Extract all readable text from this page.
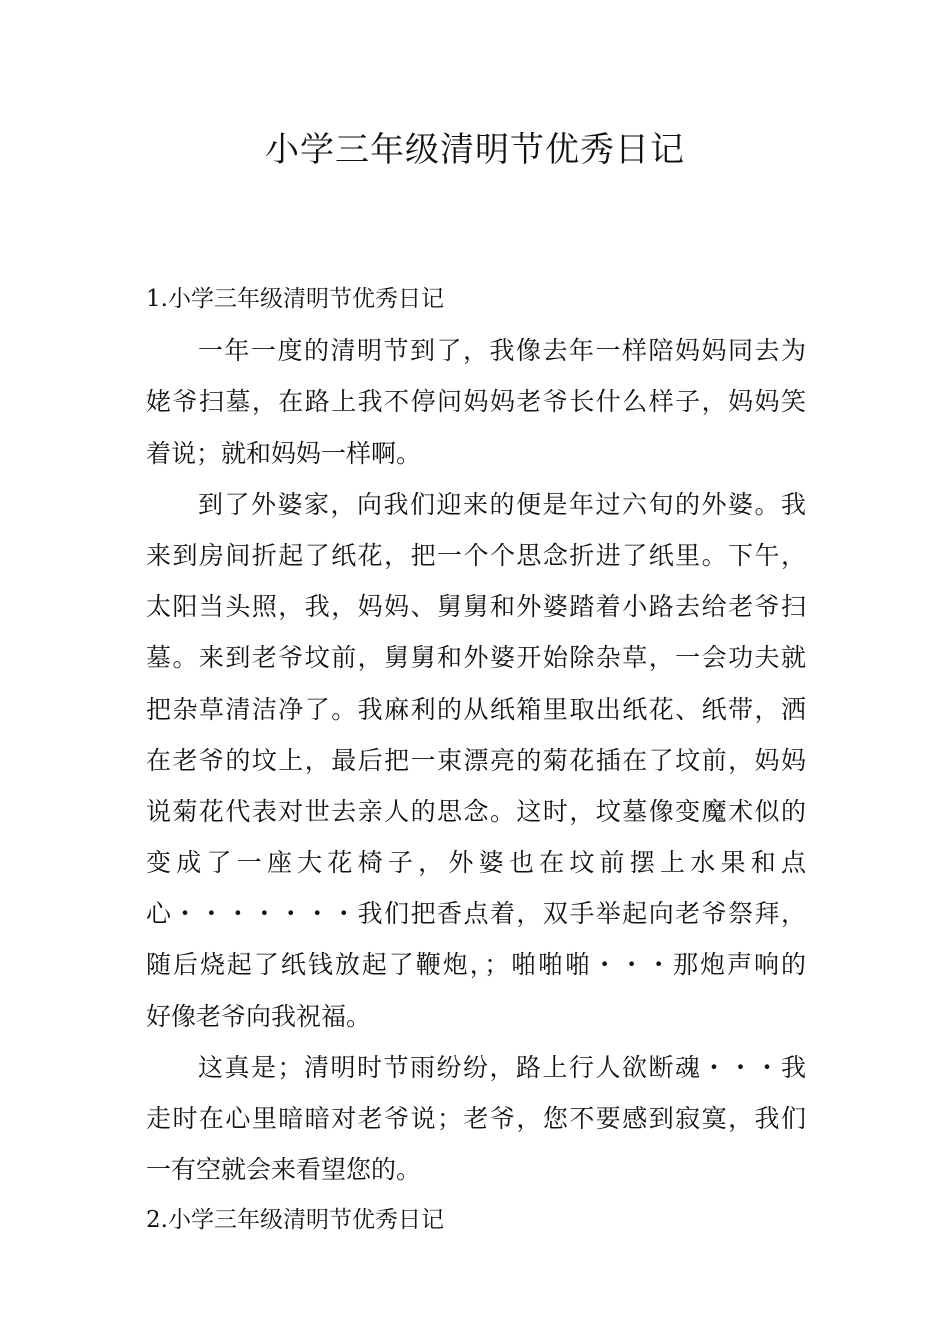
小学三年级清明节优秀日记
1.小学三年级清明节优秀日记
一年一度的清明节到了，我像去年一样陪妈妈同去为
姥爷扫墓，在路上我不停问妈妈老爷长什么样子，妈妈笑
着说；就和妈妈一样啊。
到了外婆家，向我们迎来的便是年过六旬的外婆。我
来到房间折起了纸花，把一个个思念折进了纸里。下午，
太阳当头照，我，妈妈、舅舅和外婆踏着小路去给老爷扫
墓。来到老爷坟前，舅舅和外婆开始除杂草，一会功夫就
把杂草清洁净了。我麻利的从纸箱里取出纸花、纸带，洒
在老爷的坟上，最后把一束漂亮的菊花插在了坟前，妈妈
说菊花代表对世去亲人的思念。这时，坟墓像变魔术似的
变成了一座大花椅子，外婆也在坟前摆上水果和点
心・・・・・・・我们把香点着，双手举起向老爷祭拜，
随后烧起了纸钱放起了鞭炮，；啪啪啪・・・那炮声响的
好像老爷向我祝福。
这真是；清明时节雨纷纷，路上行人欲断魂・・・我
走时在心里暗暗对老爷说；老爷，您不要感到寂寞，我们
一有空就会来看望您的。
2.小学三年级清明节优秀日记
